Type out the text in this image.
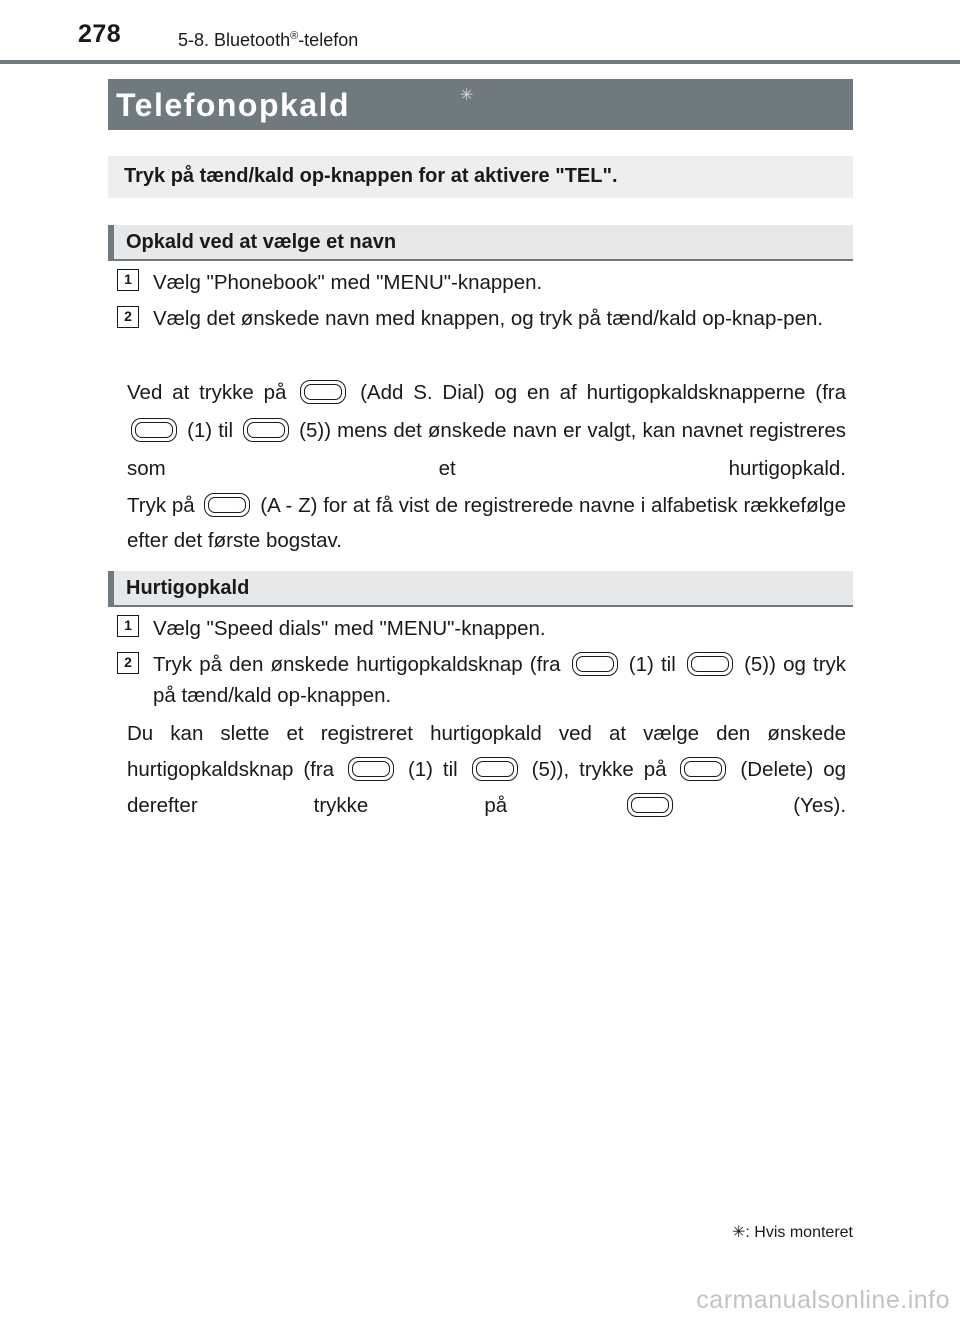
278	5-8. Bluetooth®-telefon
Telefonopkald	✳
Tryk på tænd/kald op-knappen for at aktivere "TEL".
Opkald ved at vælge et navn
1	Vælg "Phonebook" med "MENU"-knappen.
2	Vælg det ønskede navn med knappen, og tryk på tænd/kald op-knap-pen.
Ved at trykke på	(Add S. Dial) og en af hurtigopkaldsknapperne (fra  (1) til	(5)) mens det ønskede navn er valgt, kan navnet registreres som et hurtigopkald.
Tryk på	(A - Z) for at få vist de registrerede navne i alfabetisk rækkefølge efter det første bogstav.
Hurtigopkald
1	Vælg "Speed dials" med "MENU"-knappen.
2	Tryk på den ønskede hurtigopkaldsknap (fra	(1) til	(5)) og tryk på tænd/kald op-knappen.
Du kan slette et registreret hurtigopkald ved at vælge den ønskede hurtigopkaldsknap (fra	(1) til	(5)), trykke på	(Delete) og derefter trykke på	(Yes).
✳: Hvis monteret
carmanualsonline.info
